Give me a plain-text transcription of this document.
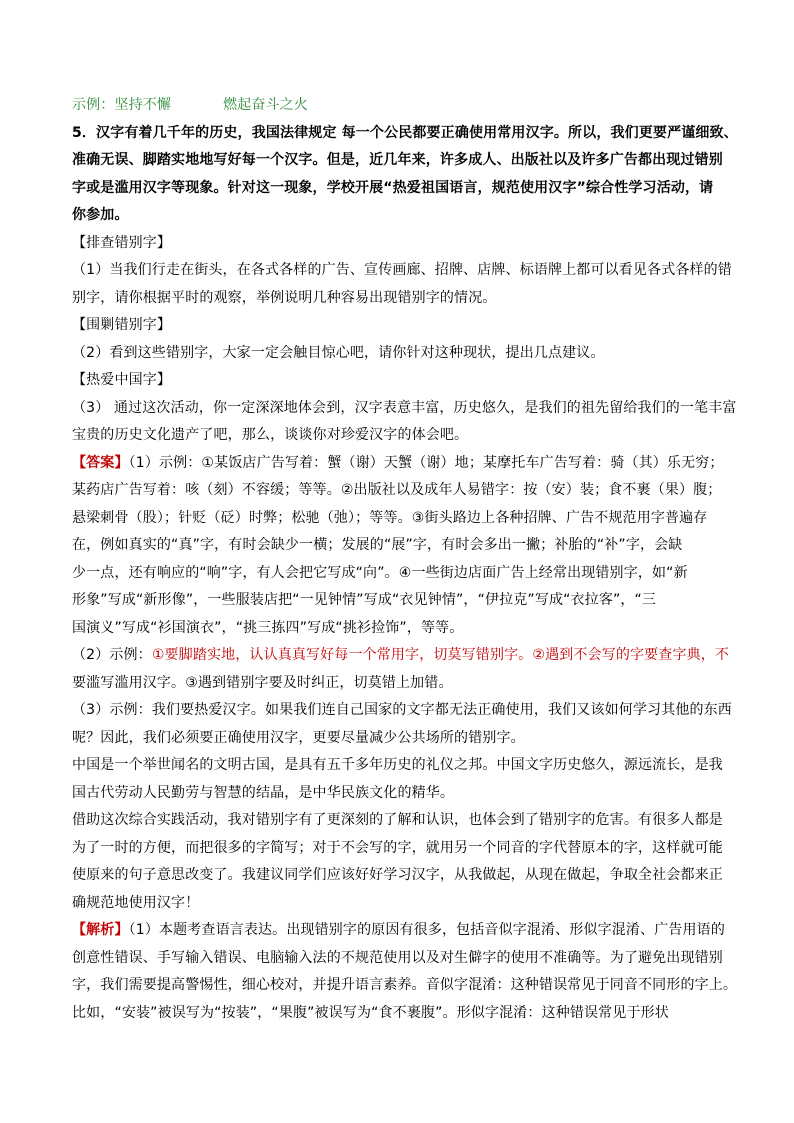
示例：坚持不懈	燃起奋斗之火
5．汉字有着几千年的历史，我国法律规定 每一个公民都要正确使用常用汉字。所以，我们更要严谨细致、
准确无误、脚踏实地地写好每一个汉字。但是，近几年来，许多成人、出版社以及许多广告都出现过错别
字或是滥用汉字等现象。针对这一现象，学校开展“热爱祖国语言，规范使用汉字”综合性学习活动，请
你参加。
【排查错别字】
（1）当我们行走在街头，在各式各样的广告、宣传画廊、招牌、店牌、标语牌上都可以看见各式各样的错
别字，请你根据平时的观察，举例说明几种容易出现错别字的情况。
【围剿错别字】
（2）看到这些错别字，大家一定会触目惊心吧，请你针对这种现状，提出几点建议。
【热爱中国字】
（3） 通过这次活动，你一定深深地体会到，汉字表意丰富，历史悠久，是我们的祖先留给我们的一笔丰富
宝贵的历史文化遗产了吧，那么，谈谈你对珍爱汉字的体会吧。
【答案】（1）示例：①某饭店广告写着：蟹（谢）天蟹（谢）地；某摩托车广告写着：骑（其）乐无穷；
某药店广告写着：咳（刻）不容缓；等等。②出版社以及成年人易错字：按（安）装；食不裹（果）腹；
悬梁刺骨（股）；针贬（砭）时弊；松驰（弛）；等等。③街头路边上各种招牌、广告不规范用字普遍存
在，例如真实的“真”字，有时会缺少一横；发展的“展”字，有时会多出一撇；补胎的“补”字，会缺
少一点，还有响应的“响”字，有人会把它写成“向”。④一些街边店面广告上经常出现错别字，如“新
形象”写成“新形像”，一些服装店把“一见钟情”写成“衣见钟情”，“伊拉克”写成“衣拉客”，“三
国演义”写成“衫国演衣”，“挑三拣四”写成“挑衫捡饰”，等等。
（2）示例：①要脚踏实地，认认真真写好每一个常用字，切莫写错别字。②遇到不会写的字要查字典，不
要滥写滥用汉字。③遇到错别字要及时纠正，切莫错上加错。
（3）示例：我们要热爱汉字。如果我们连自己国家的文字都无法正确使用，我们又该如何学习其他的东西
呢？因此，我们必须要正确使用汉字，更要尽量减少公共场所的错别字。
中国是一个举世闻名的文明古国，是具有五千多年历史的礼仪之邦。中国文字历史悠久，源远流长，是我
国古代劳动人民勤劳与智慧的结晶，是中华民族文化的精华。
借助这次综合实践活动，我对错别字有了更深刻的了解和认识，也体会到了错别字的危害。有很多人都是
为了一时的方便，而把很多的字简写；对于不会写的字，就用另一个同音的字代替原本的字，这样就可能
使原来的句子意思改变了。我建议同学们应该好好学习汉字，从我做起，从现在做起，争取全社会都来正
确规范地使用汉字！
【解析】（1）本题考查语言表达。出现错别字的原因有很多，包括音似字混淆、形似字混淆、广告用语的
创意性错误、手写输入错误、电脑输入法的不规范使用以及对生僻字的使用不准确等。为了避免出现错别
字，我们需要提高警惕性，细心校对，并提升语言素养。音似字混淆：这种错误常见于同音不同形的字上。
比如，“安装”被误写为“按装”，“果腹”被误写为“食不裹腹”。形似字混淆：这种错误常见于形状
